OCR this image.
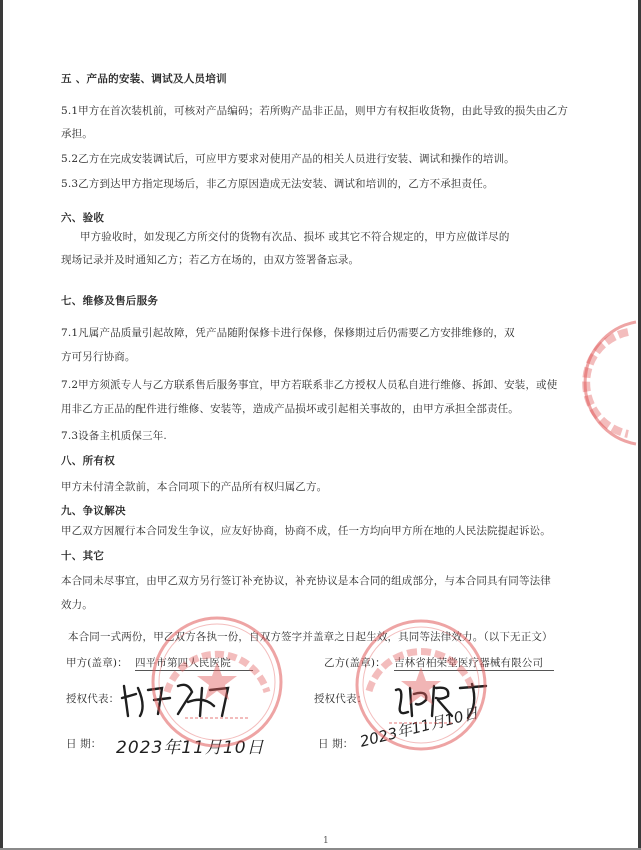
五 、产品的安装、调试及人员培训
5.1甲方在首次装机前，可核对产品编码；若所购产品非正品，则甲方有权拒收货物，由此导致的损失由乙方
承担。
5.2乙方在完成安装调试后，可应甲方要求对使用产品的相关人员进行安装、调试和操作的培训。
5.3乙方到达甲方指定现场后，非乙方原因造成无法安装、调试和培训的，乙方不承担责任。
六、验收
甲方验收时，如发现乙方所交付的货物有次品、损坏 或其它不符合规定的，甲方应做详尽的
现场记录并及时通知乙方；若乙方在场的，由双方签署备忘录。
七、维修及售后服务
7.1凡属产品质量引起故障，凭产品随附保修卡进行保修，保修期过后仍需要乙方安排维修的，双
方可另行协商。
7.2甲方须派专人与乙方联系售后服务事宜，甲方若联系非乙方授权人员私自进行维修、拆卸、安装，或使
用非乙方正品的配件进行维修、安装等，造成产品损坏或引起相关事故的，由甲方承担全部责任。
7.3设备主机质保三年.
八、所有权
甲方未付清全款前，本合同项下的产品所有权归属乙方。
九、争议解决
甲乙双方因履行本合同发生争议，应友好协商，协商不成，任一方均向甲方所在地的人民法院提起诉讼。
十、其它
本合同未尽事宜，由甲乙双方另行签订补充协议，补充协议是本合同的组成部分，与本合同具有同等法律
效力。
本合同一式两份，甲乙双方各执一份，自双方签字并盖章之日起生效，具同等法律效力。（以下无正文）
甲方(盖章)： 四平市第四人民医院	乙方(盖章)： 吉林省柏荣堂医疗器械有限公司
授权代表：	授权代表：
日 期： 2023年11月10日	日 期： 2023年11月10日
1
